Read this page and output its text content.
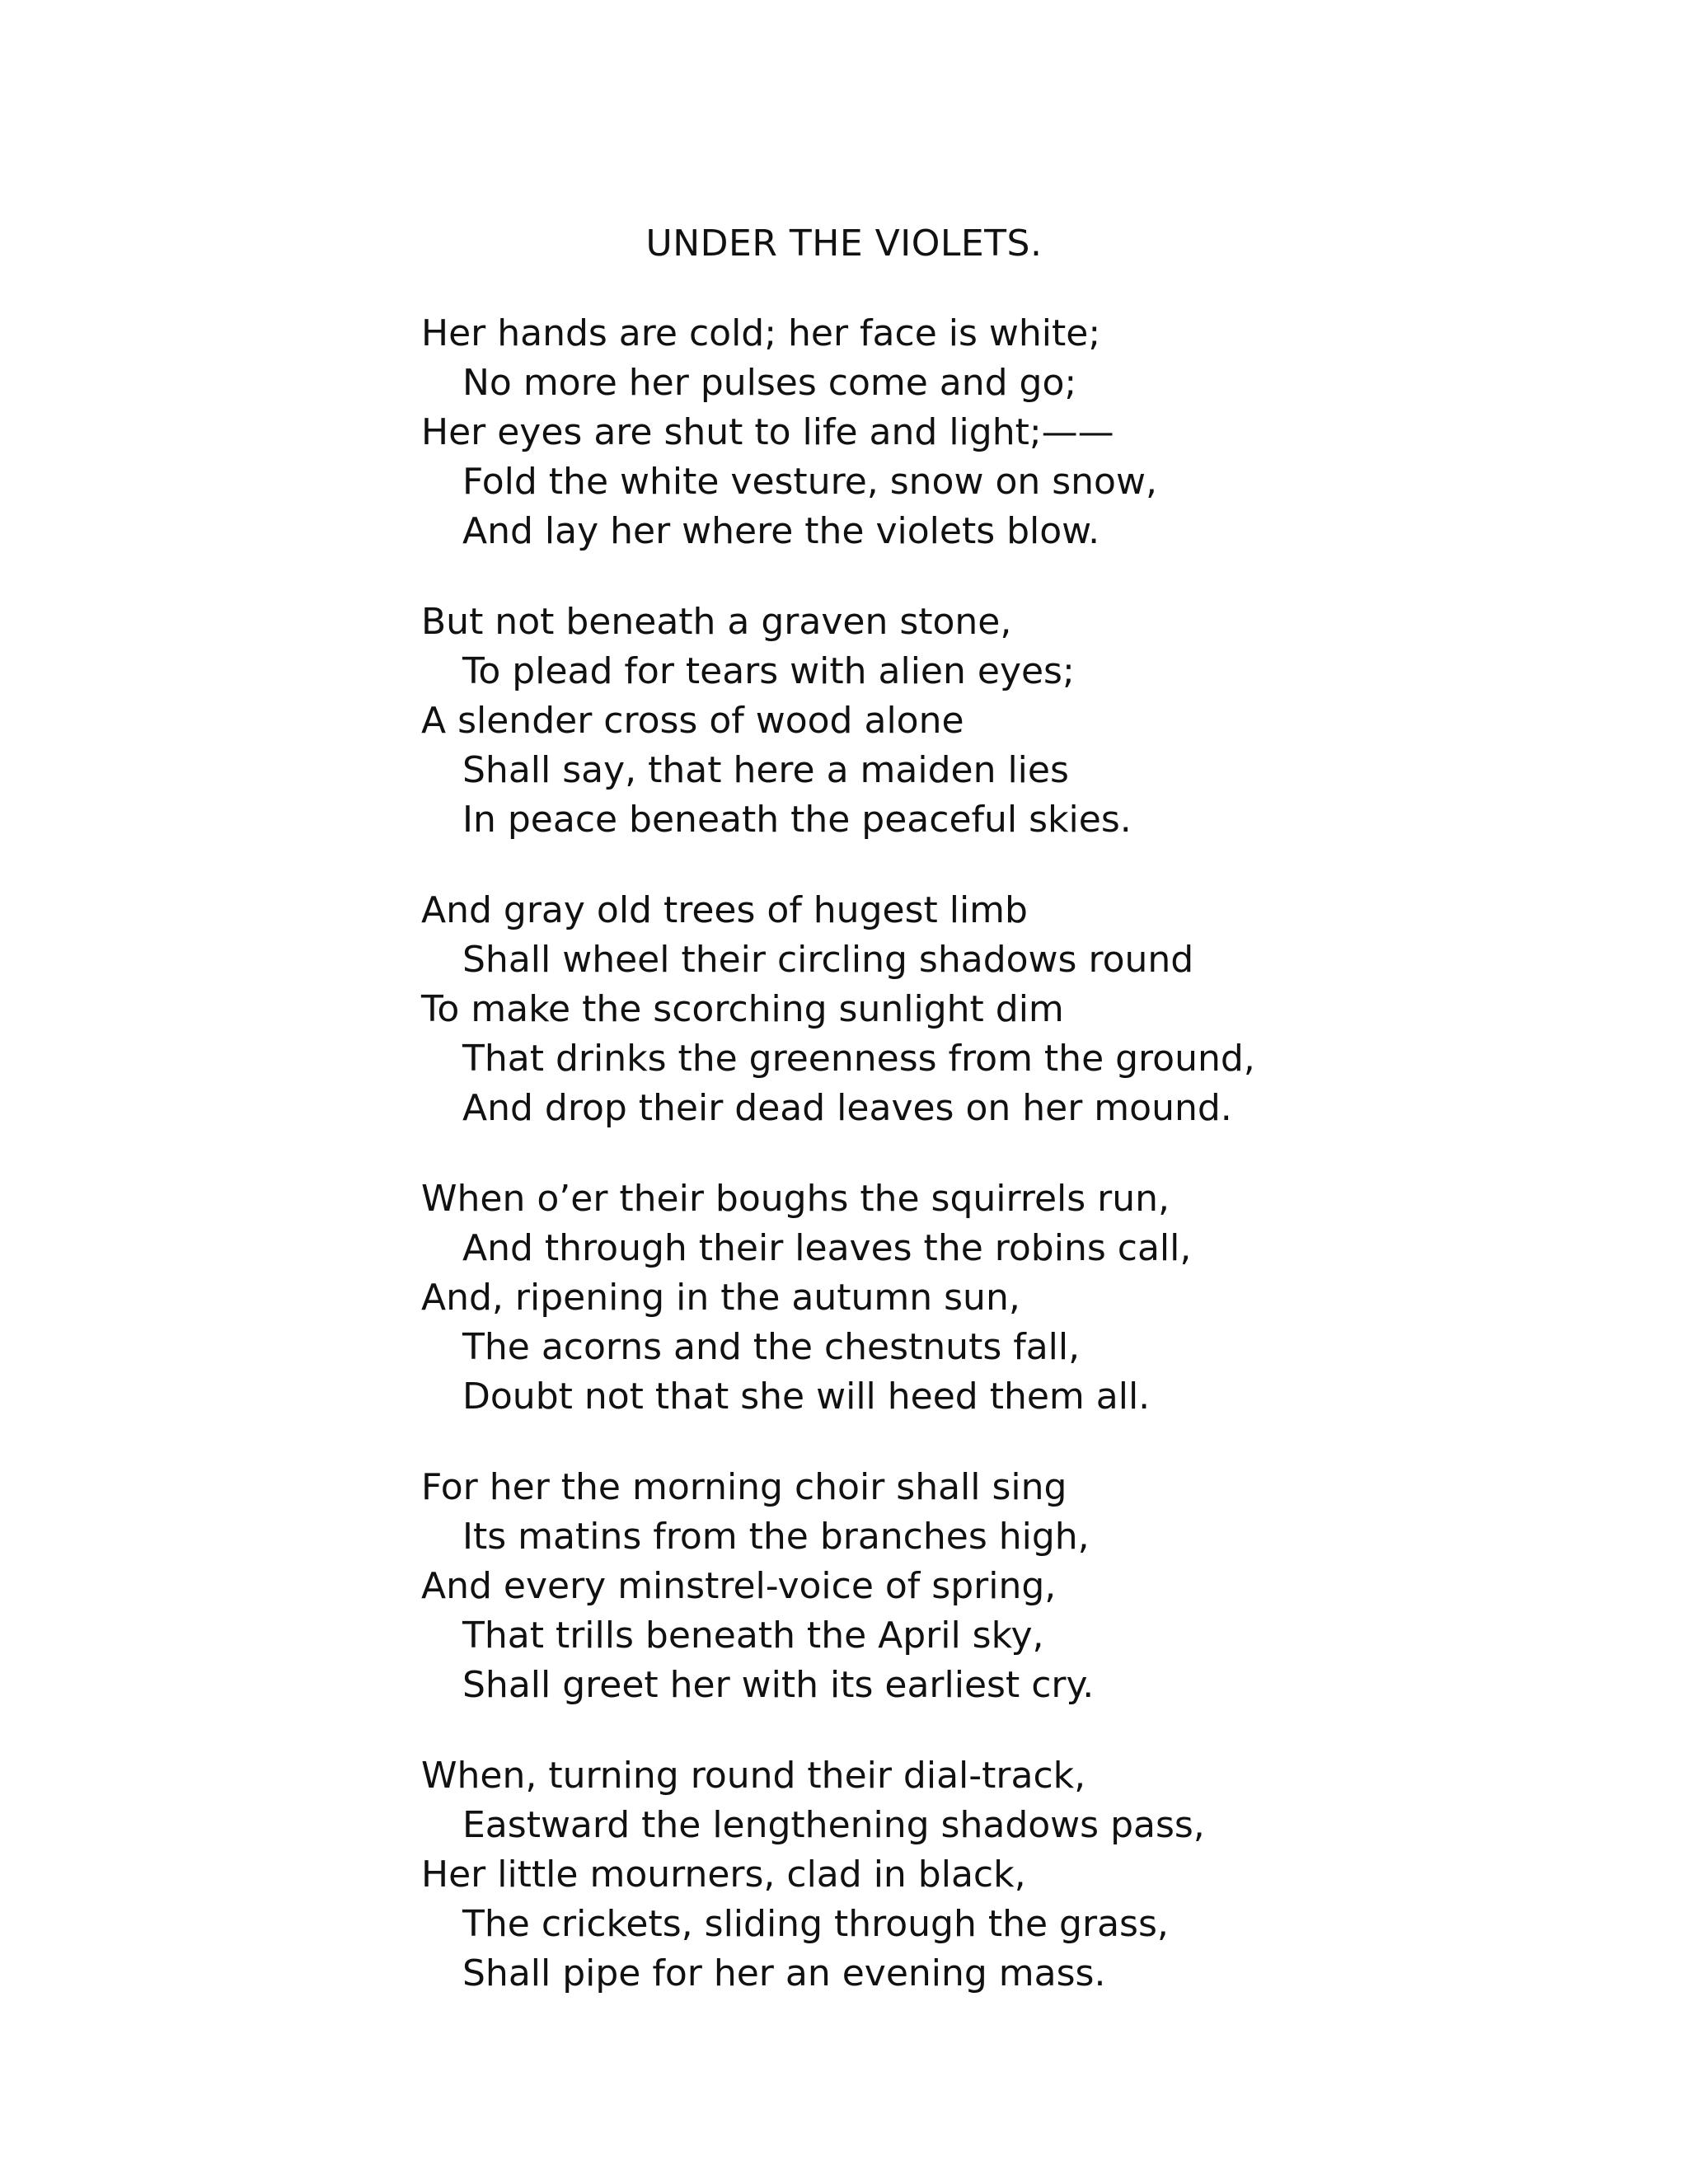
UNDER THE VIOLETS.
Her hands are cold; her face is white;
No more her pulses come and go;
Her eyes are shut to life and light;——
Fold the white vesture, snow on snow,
And lay her where the violets blow.
But not beneath a graven stone,
To plead for tears with alien eyes;
A slender cross of wood alone
Shall say, that here a maiden lies
In peace beneath the peaceful skies.
And gray old trees of hugest limb
Shall wheel their circling shadows round
To make the scorching sunlight dim
That drinks the greenness from the ground,
And drop their dead leaves on her mound.
When o’er their boughs the squirrels run,
And through their leaves the robins call,
And, ripening in the autumn sun,
The acorns and the chestnuts fall,
Doubt not that she will heed them all.
For her the morning choir shall sing
Its matins from the branches high,
And every minstrel-voice of spring,
That trills beneath the April sky,
Shall greet her with its earliest cry.
When, turning round their dial-track,
Eastward the lengthening shadows pass,
Her little mourners, clad in black,
The crickets, sliding through the grass,
Shall pipe for her an evening mass.
